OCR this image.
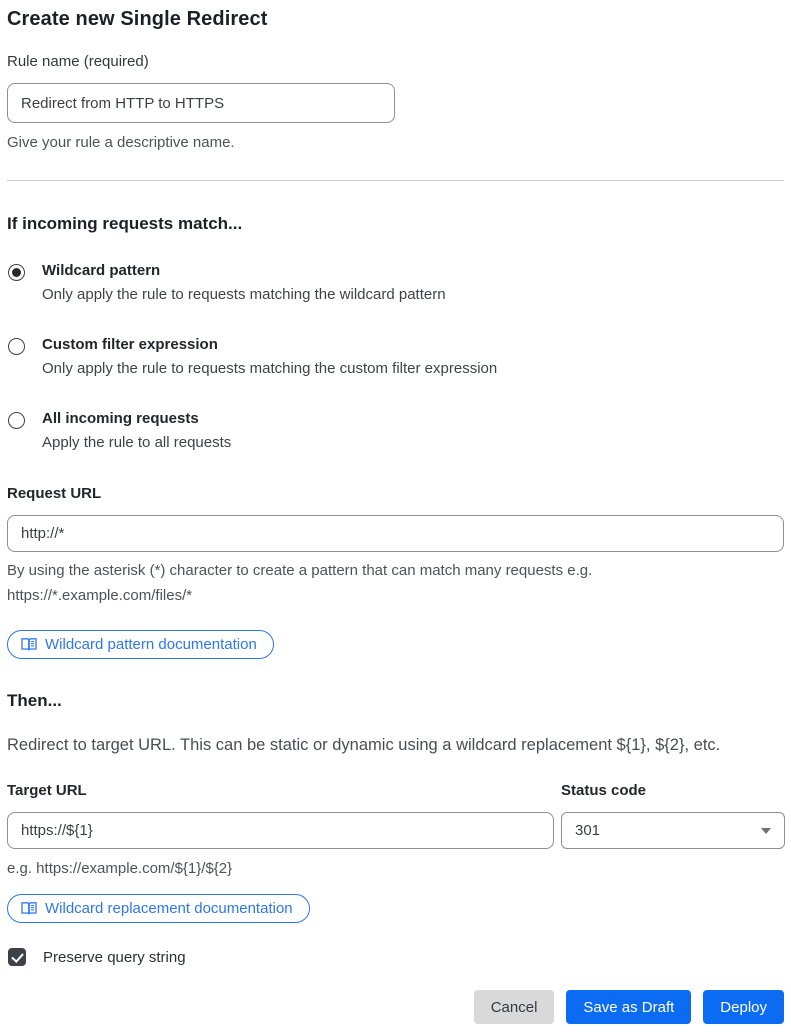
Create new Single Redirect
Rule name (required)
Redirect from HTTP to HTTPS
Give your rule a descriptive name.
If incoming requests match...
Wildcard pattern
Only apply the rule to requests matching the wildcard pattern
Custom filter expression
Only apply the rule to requests matching the custom filter expression
All incoming requests
Apply the rule to all requests
Request URL
http://*
By using the asterisk (*) character to create a pattern that can match many requests e.g.
https://*.example.com/files/*
Wildcard pattern documentation
Then...
Redirect to target URL. This can be static or dynamic using a wildcard replacement ${1}, ${2}, etc.
Target URL
https://${1}
e.g. https://example.com/${1}/${2}
Status code
301
Wildcard replacement documentation
Preserve query string
Cancel	Save as Draft	Deploy
